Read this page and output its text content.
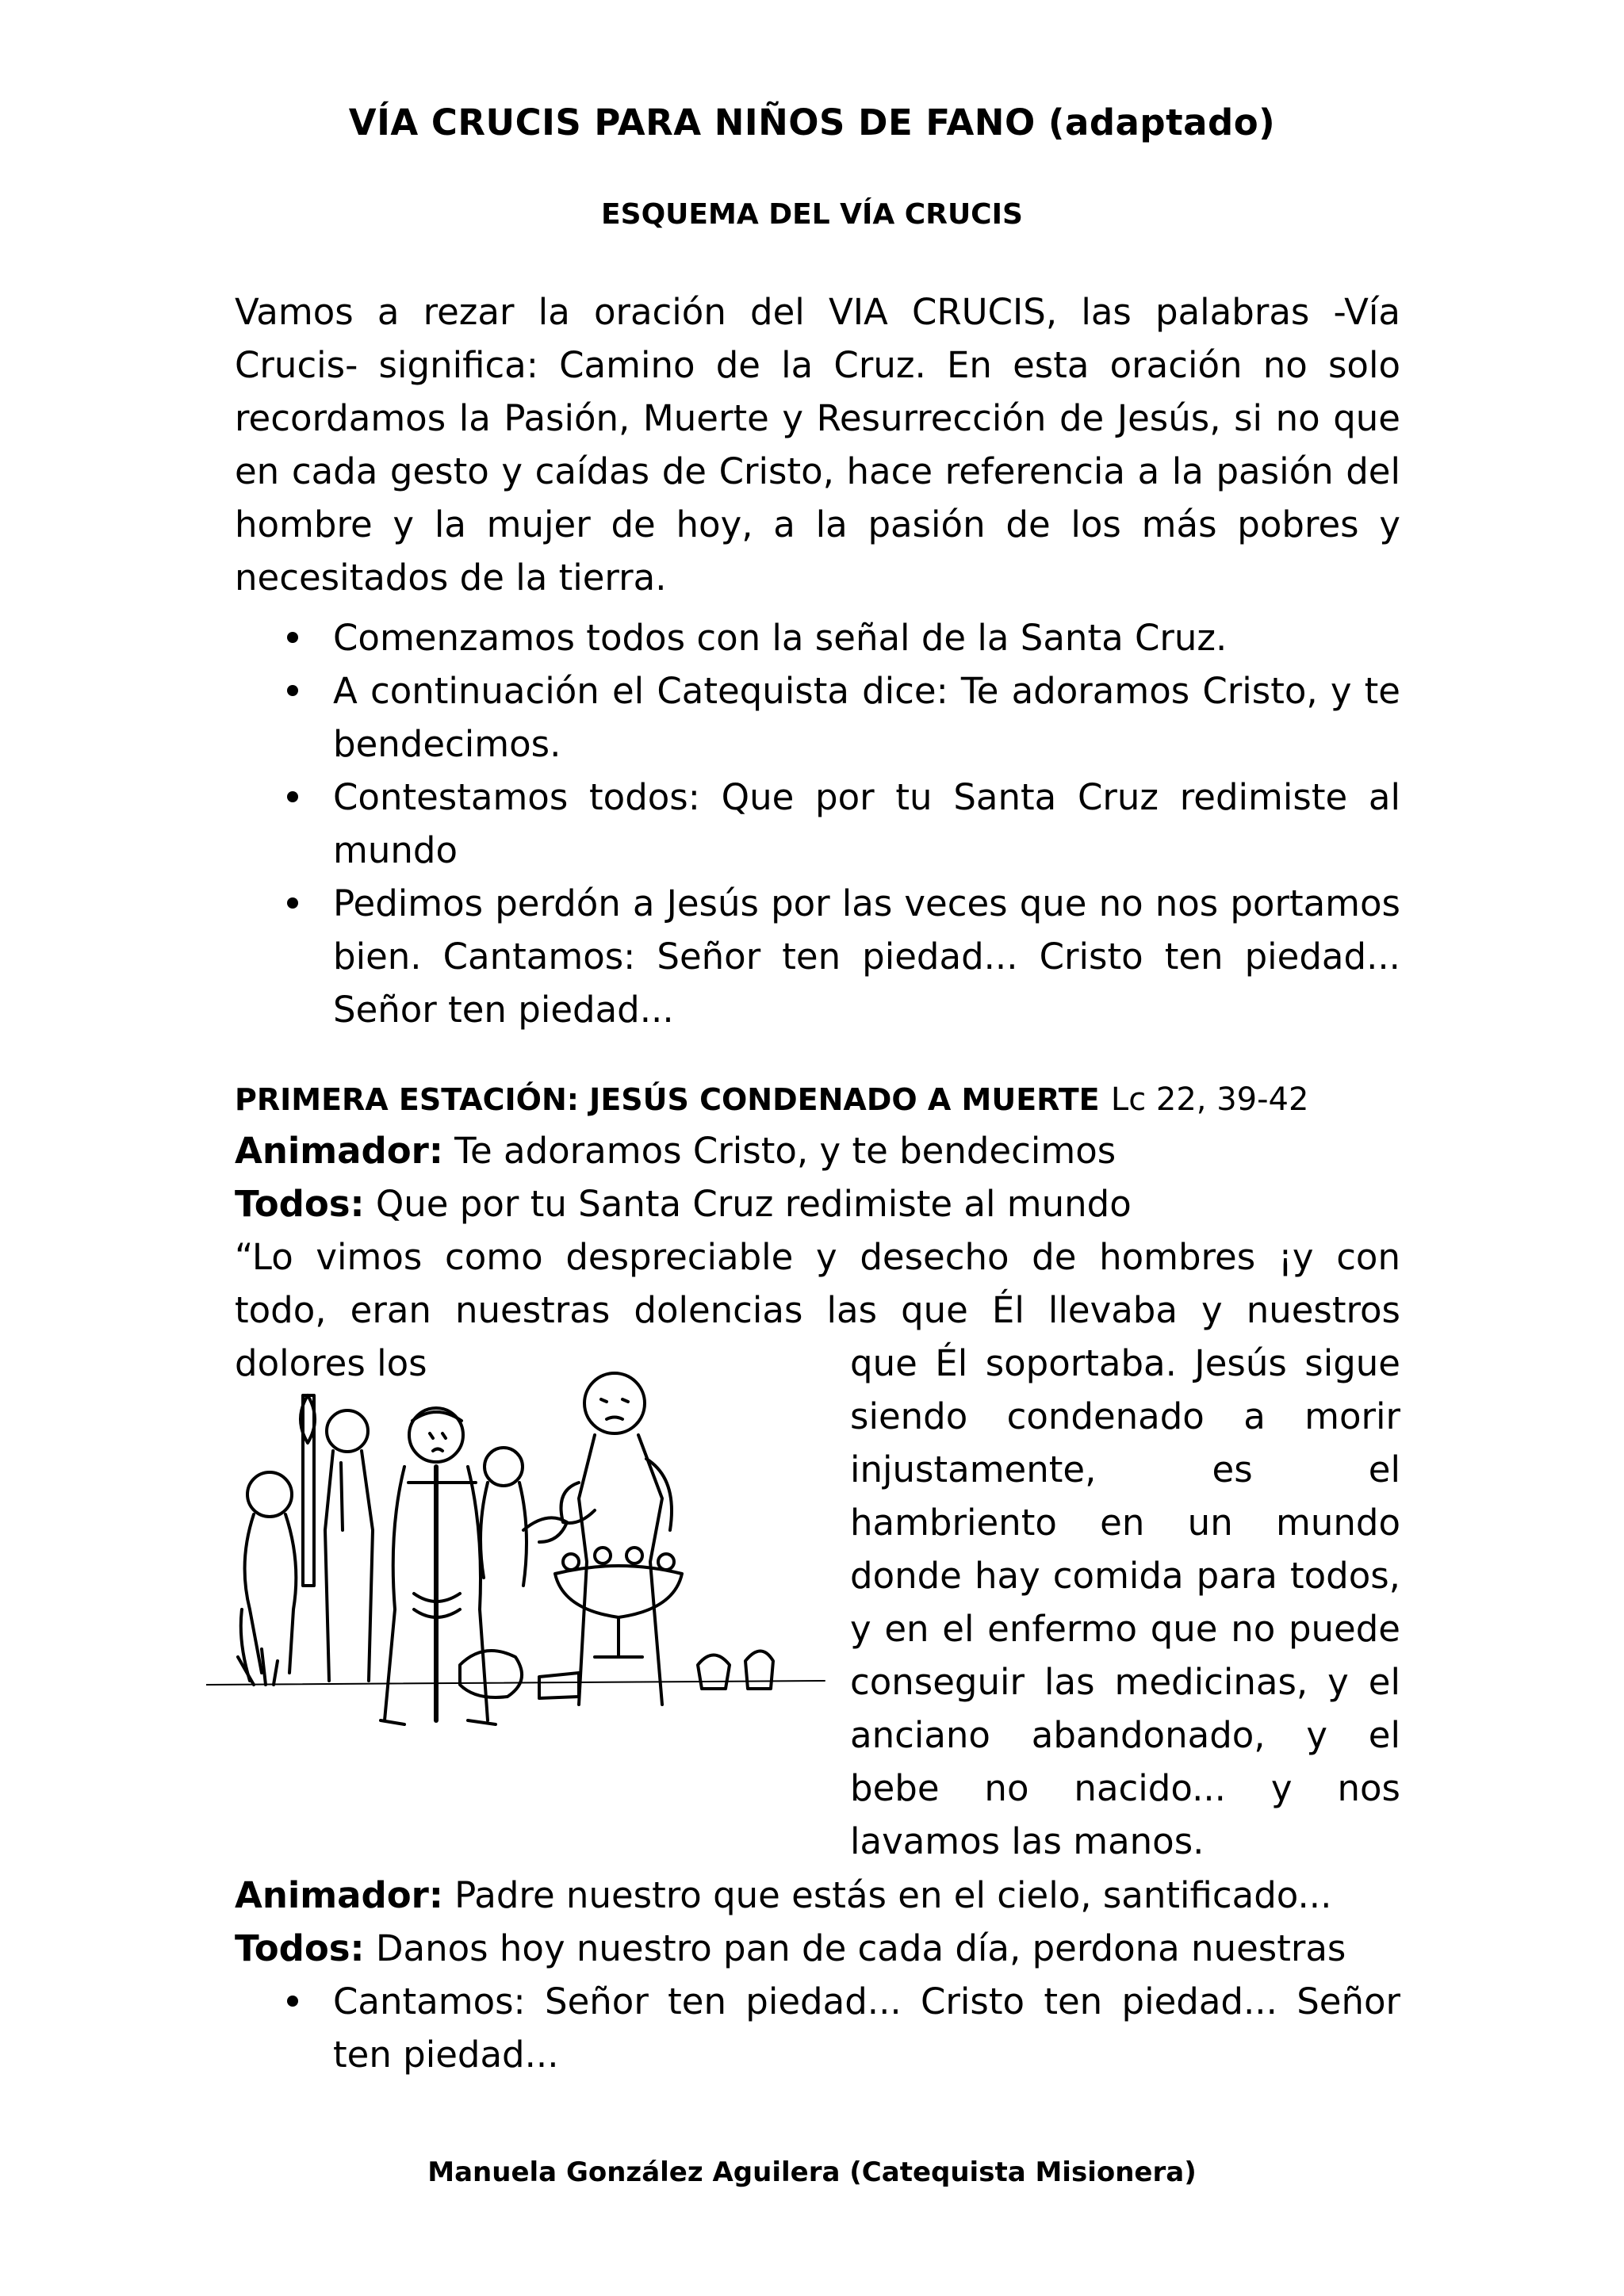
VÍA CRUCIS PARA NIÑOS DE FANO (adaptado)
ESQUEMA DEL VÍA CRUCIS

Vamos a rezar la oración del VIA CRUCIS, las palabras -Vía Crucis- significa: Camino de la Cruz. En esta oración no solo recordamos la Pasión, Muerte y Resurrección de Jesús, si no que en cada gesto y caídas de Cristo, hace referencia a la pasión del hombre y la mujer de hoy, a la pasión de los más pobres y necesitados de la tierra.

Comenzamos todos con la señal de la Santa Cruz.
A continuación el Catequista dice: Te adoramos Cristo, y te bendecimos.
Contestamos todos: Que por tu Santa Cruz redimiste al mundo
Pedimos perdón a Jesús por las veces que no nos portamos bien. Cantamos: Señor ten piedad... Cristo ten piedad... Señor ten piedad...
PRIMERA ESTACIÓN: JESÚS CONDENADO A MUERTE Lc 22, 39-42
Animador: Te adoramos Cristo, y te bendecimos
Todos: Que por tu Santa Cruz redimiste al mundo

“Lo vimos como despreciable y desecho de hombres ¡y con todo, eran nuestras dolencias las que Él llevaba y nuestros dolores los	que Él soportaba. Jesús sigue siendo condenado a morir injustamente, es el hambriento en un mundo donde hay comida para todos, y en el enfermo que no puede conseguir las medicinas, y el anciano abandonado, y el bebe no nacido... y nos lavamos las manos.

Animador: Padre nuestro que estás en el cielo, santificado...
Todos: Danos hoy nuestro pan de cada día, perdona nuestras
Cantamos: Señor ten piedad... Cristo ten piedad... Señor ten piedad...
Manuela González Aguilera (Catequista Misionera)
